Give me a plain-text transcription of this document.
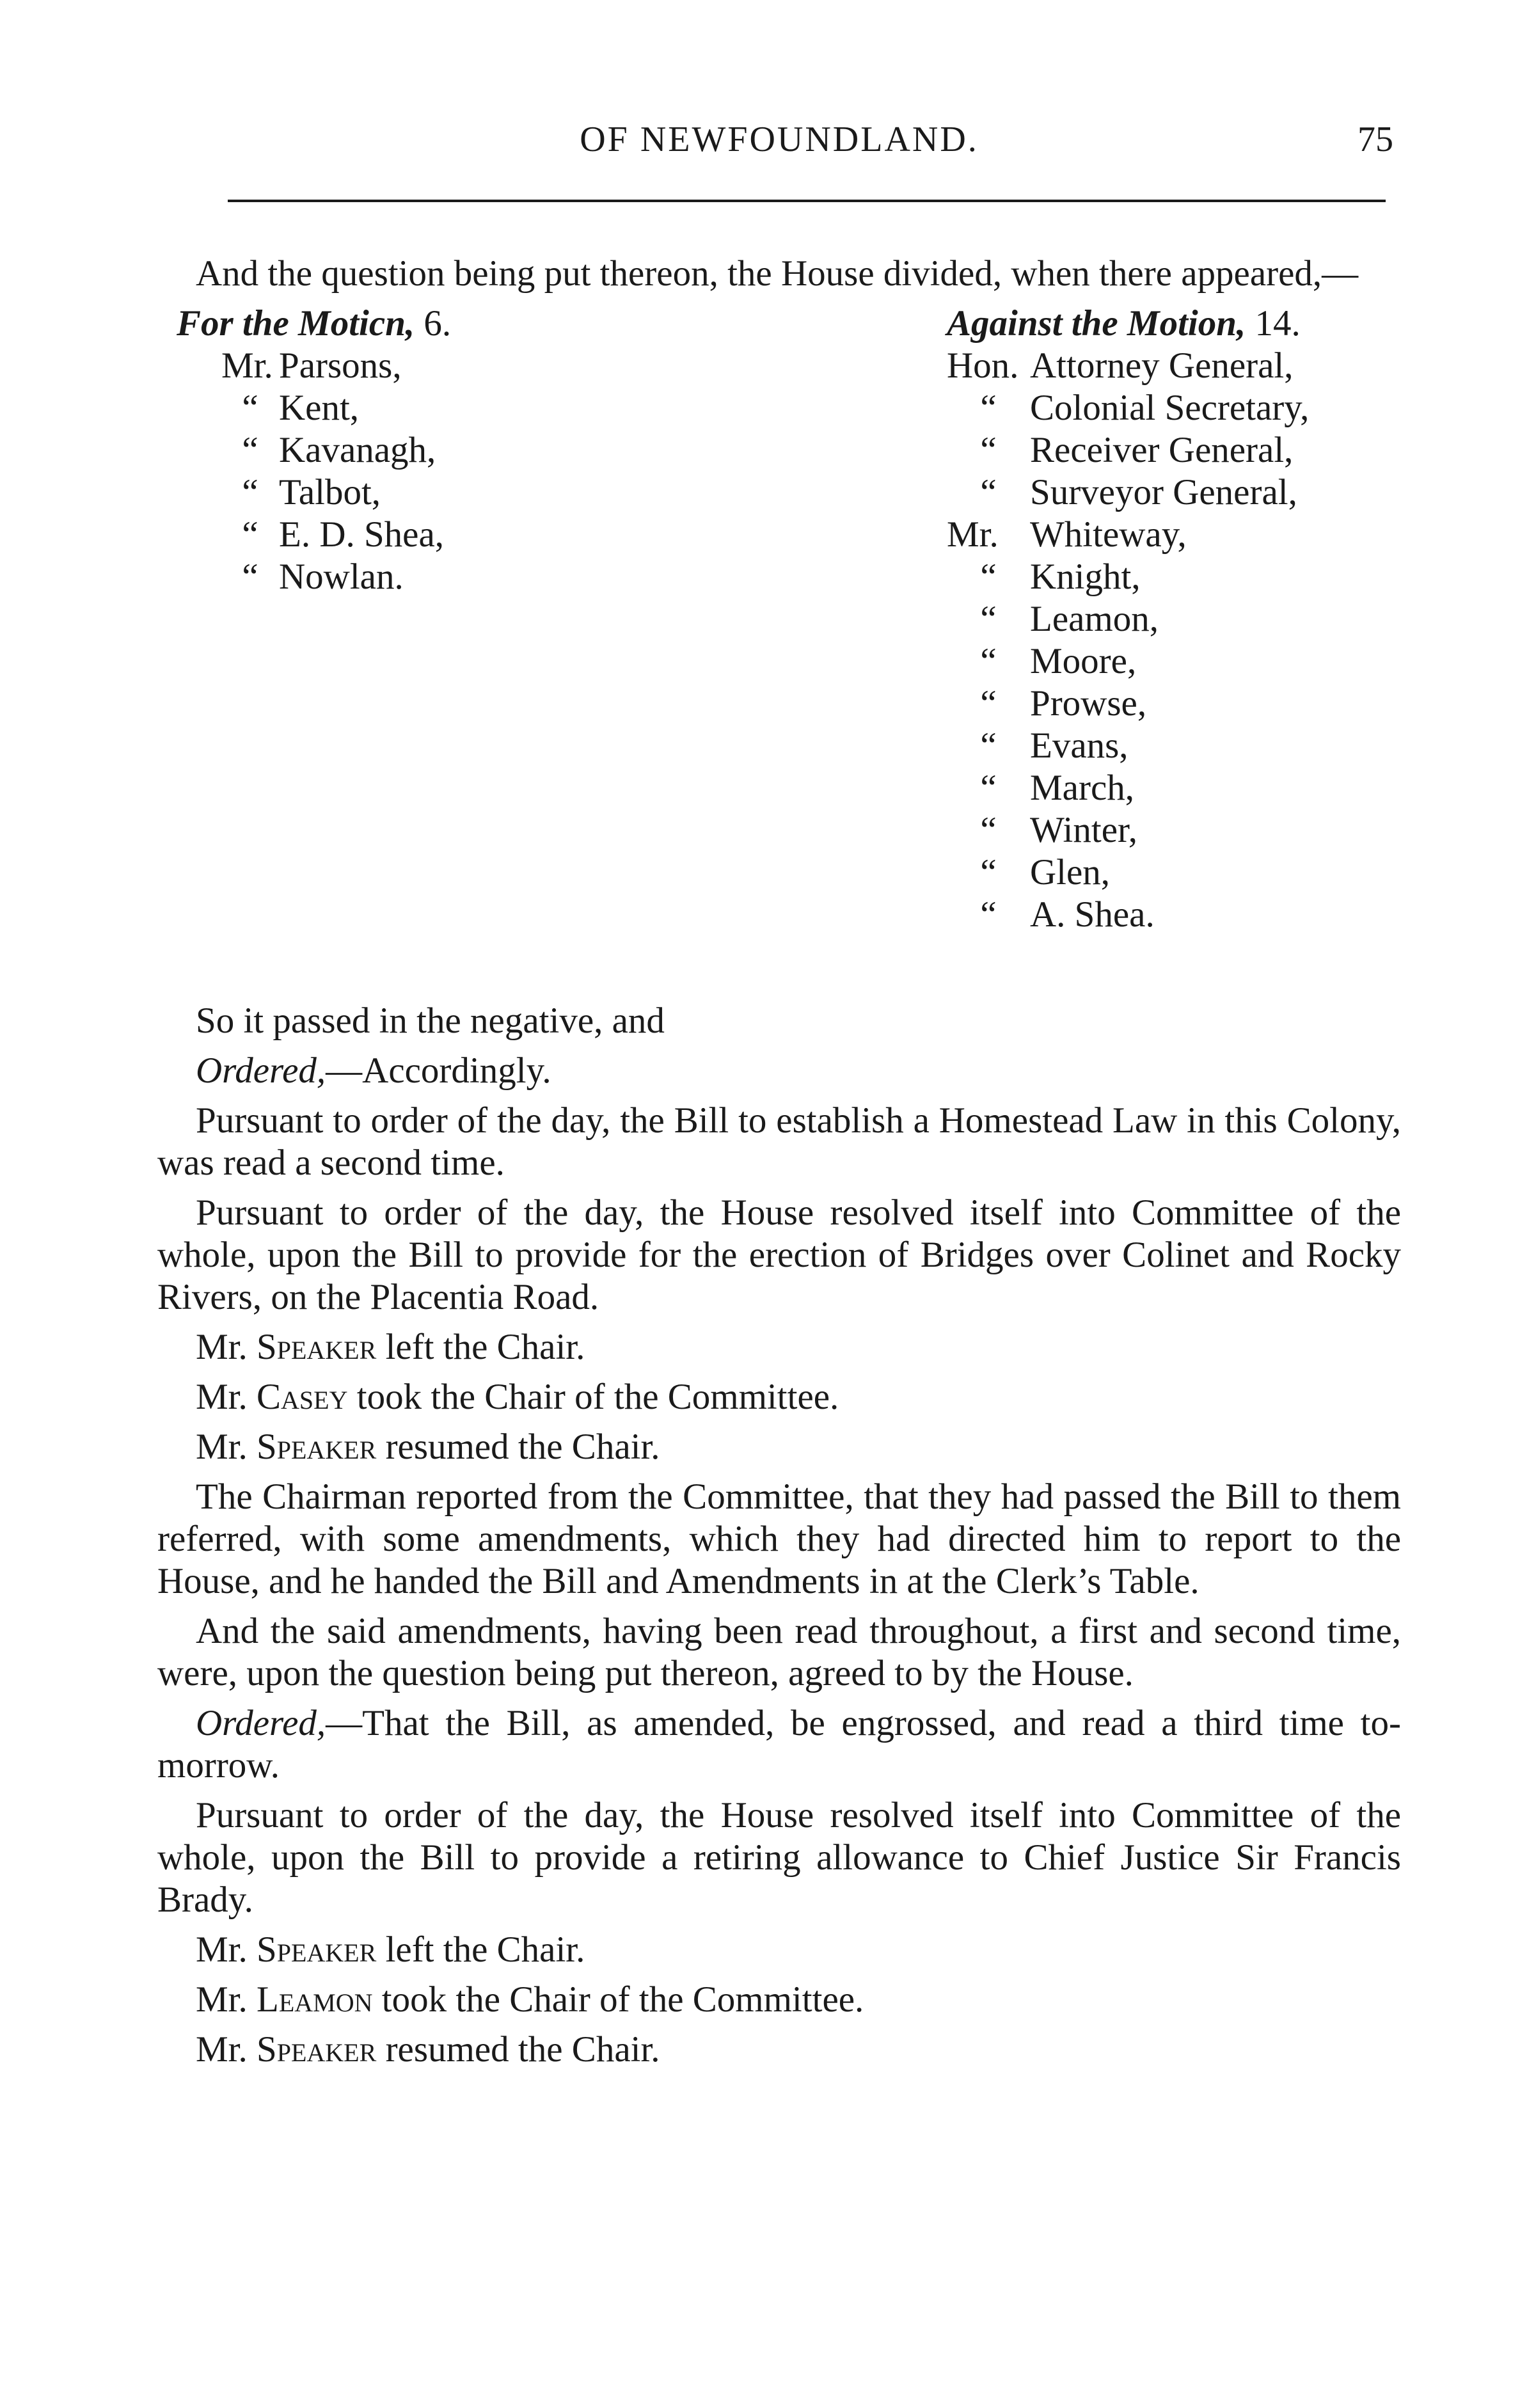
OF NEWFOUNDLAND.	75

And the question being put thereon, the House divided, when there appeared,—

For the Moticn, 6.
Mr. Parsons,
“ Kent,
“ Kavanagh,
“ Talbot,
“ E. D. Shea,
“ Nowlan.
Against the Motion, 14.
Hon. Attorney General,
“ Colonial Secretary,
“ Receiver General,
“ Surveyor General,
Mr. Whiteway,
“ Knight,
“ Leamon,
“ Moore,
“ Prowse,
“ Evans,
“ March,
“ Winter,
“ Glen,
“ A. Shea.

So it passed in the negative, and

Ordered,—Accordingly.

Pursuant to order of the day, the Bill to establish a Homestead Law in this Colony, was read a second time.

Pursuant to order of the day, the House resolved itself into Committee of the whole, upon the Bill to provide for the erection of Bridges over Colinet and Rocky Rivers, on the Placentia Road.

Mr. Speaker left the Chair.

Mr. Casey took the Chair of the Committee.

Mr. Speaker resumed the Chair.

The Chairman reported from the Committee, that they had passed the Bill to them referred, with some amendments, which they had directed him to report to the House, and he handed the Bill and Amendments in at the Clerk’s Table.

And the said amendments, having been read throughout, a first and second time, were, upon the question being put thereon, agreed to by the House.

Ordered,—That the Bill, as amended, be engrossed, and read a third time to-morrow.

Pursuant to order of the day, the House resolved itself into Committee of the whole, upon the Bill to provide a retiring allowance to Chief Justice Sir Francis Brady.

Mr. Speaker left the Chair.

Mr. Leamon took the Chair of the Committee.

Mr. Speaker resumed the Chair.
